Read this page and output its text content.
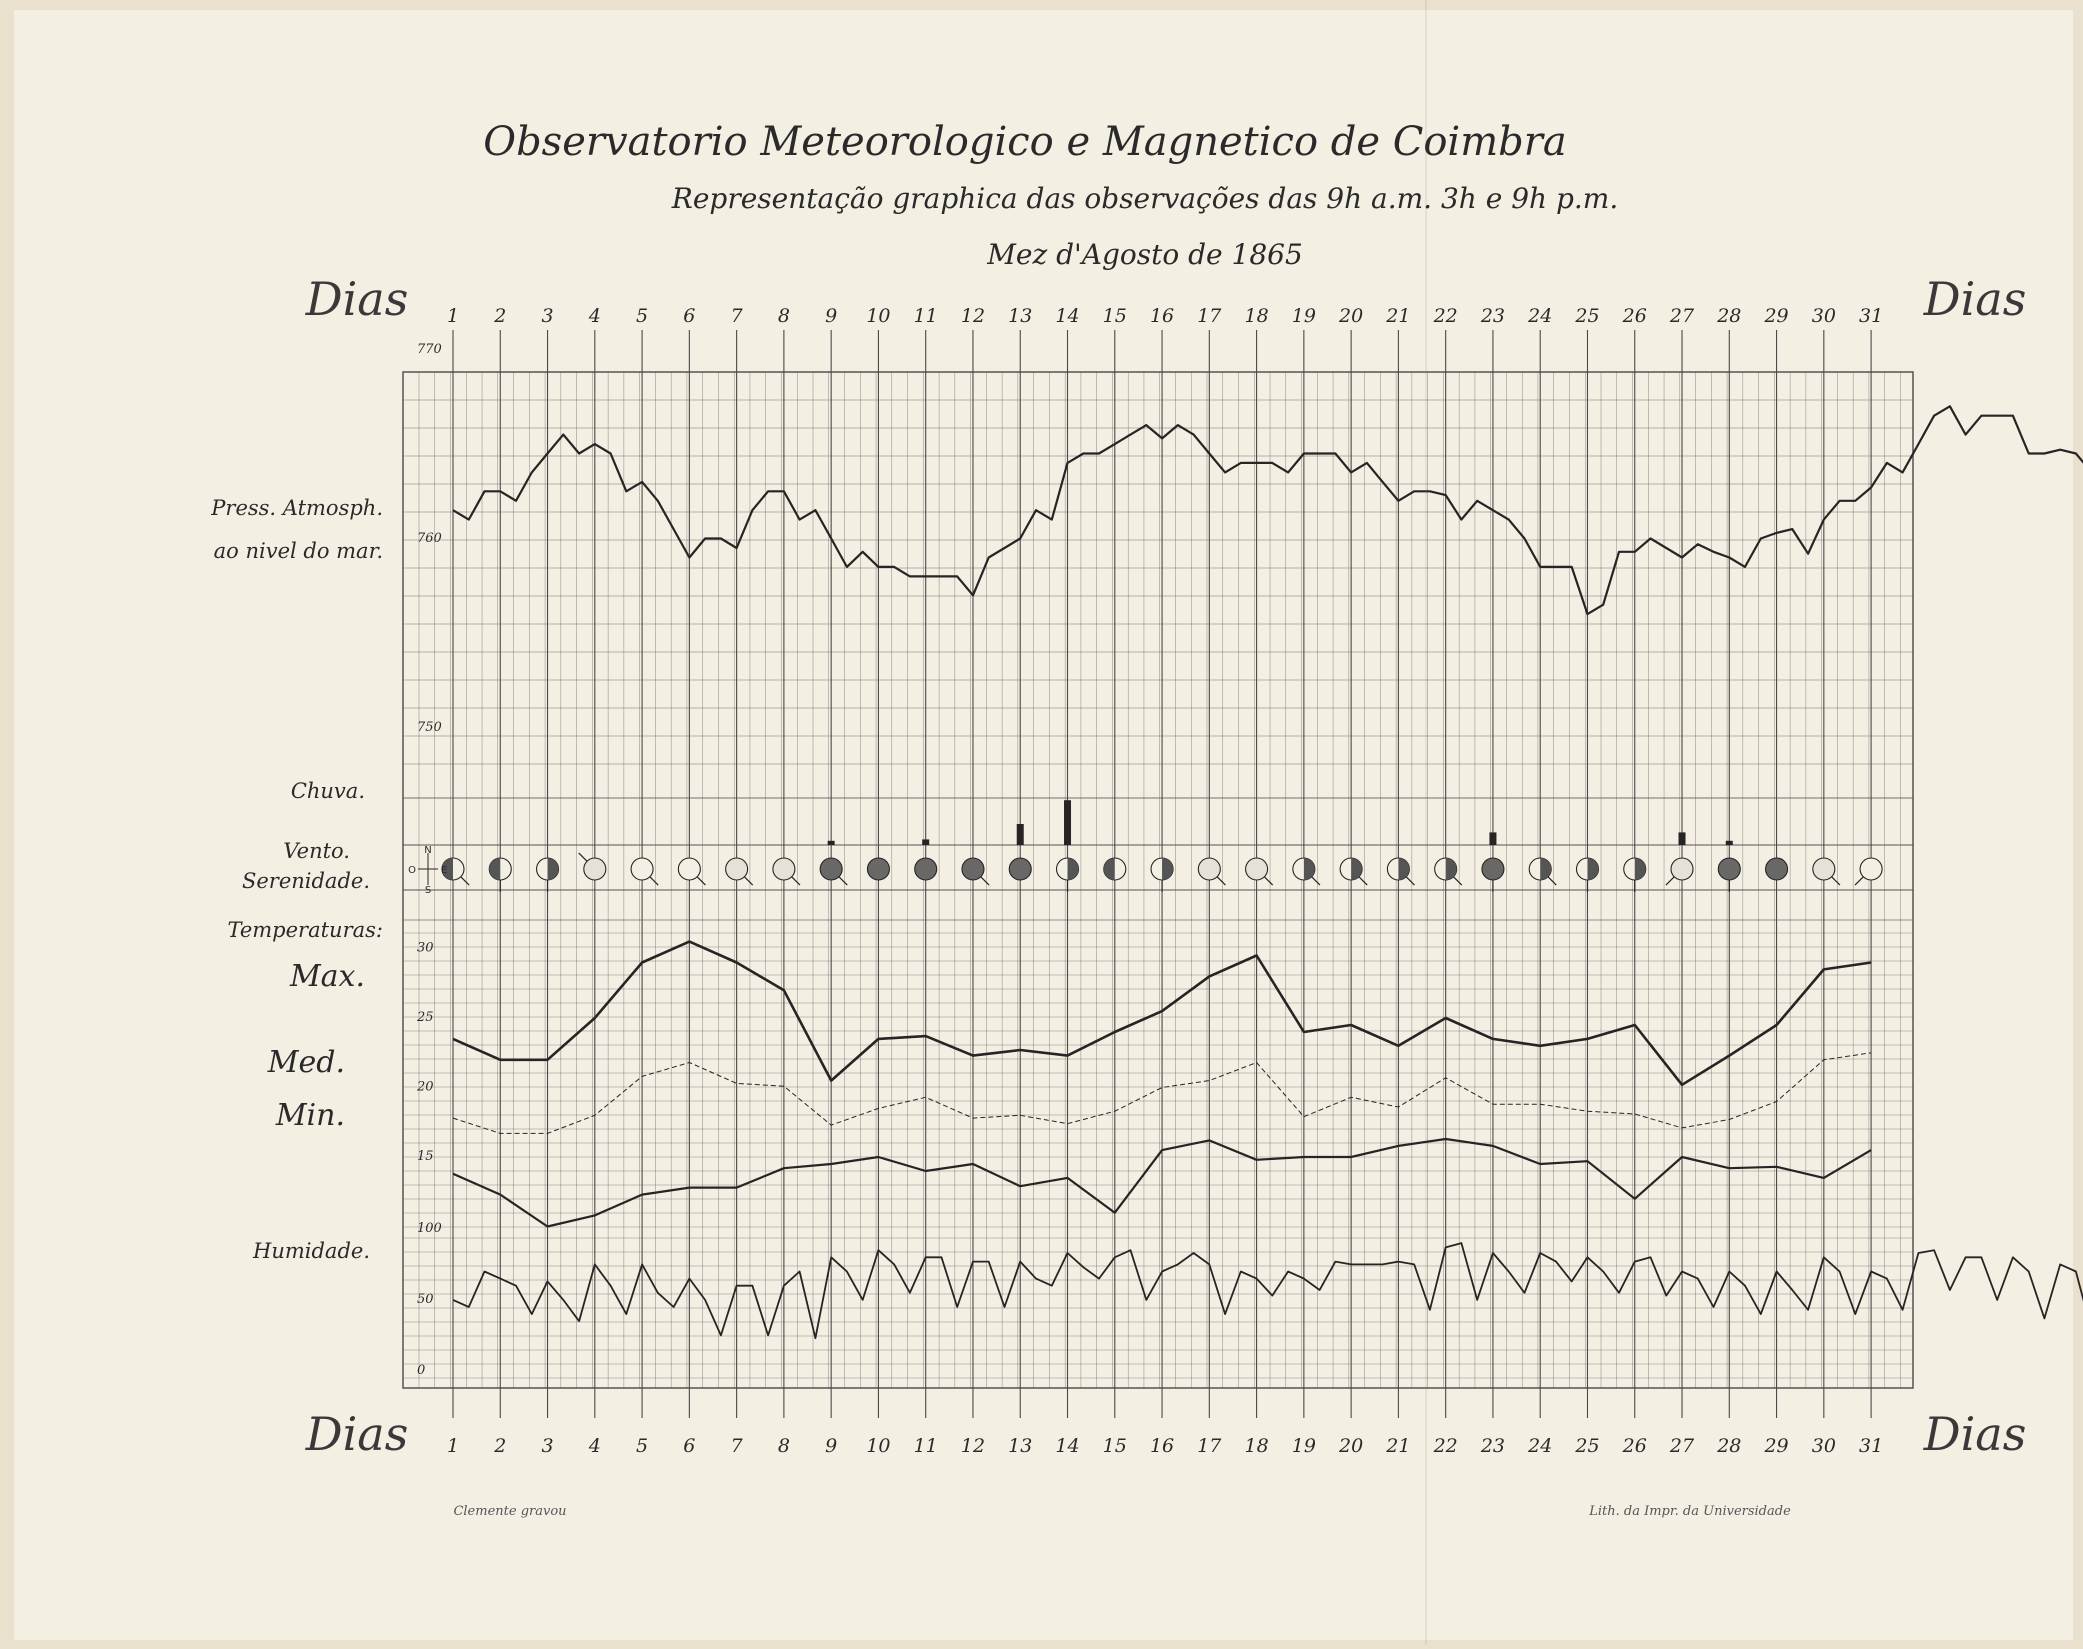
Observatorio Meteorologico e Magnetico de Coimbra
Representação graphica das observações das 9h a.m. 3h e 9h p.m.
Mez d'Agosto de 1865
Dias	Dias
Dias	Dias
Press. Atmosph.
ao nivel do mar.
Chuva.
Vento.
Serenidade.
Temperaturas:
Max.
Med.
Min.
Humidade.
Clemente gravou	Lith. da Impr. da Universidade
1
1
2
2
3
3
4
4
5
5
6
6
7
7
8
8
9
9
10
10
11
11
12
12
13
13
14
14
15
15
16
16
17
17
18
18
19
19
20
20
21
21
22
22
23
23
24
24
25
25
26
26
27
27
28
28
29
29
30
30
31
31
770
760
750
30
25
20
15
100
50
0
N
S
E
O
